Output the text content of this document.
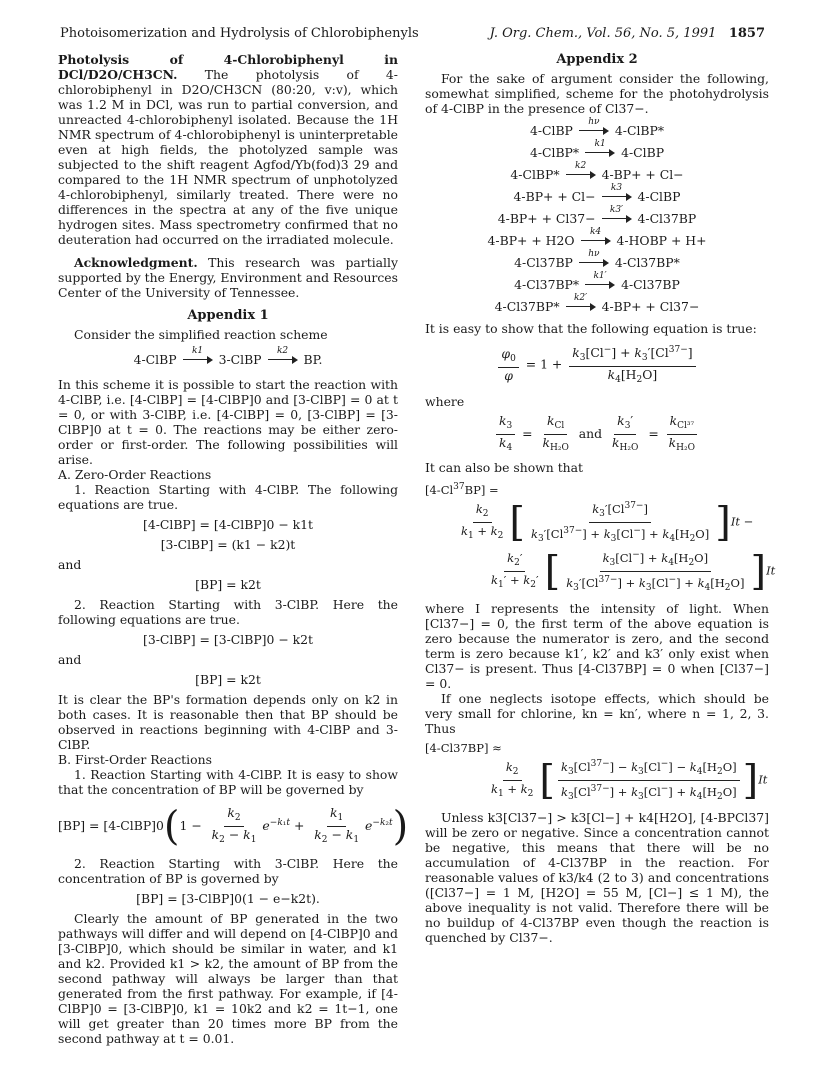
Photoisomerization and Hydrolysis of Chlorobiphenyls	J. Org. Chem., Vol. 56, No. 5, 1991 1857

Photolysis of 4-Chlorobiphenyl in DCl/D2O/CH3CN. The photolysis of 4-chlorobiphenyl in D2O/CH3CN (80:20, v:v), which was 1.2 M in DCl, was run to partial conversion, and unreacted 4-chlorobiphenyl isolated. Because the 1H NMR spectrum of 4-chlorobiphenyl is uninterpretable even at high fields, the photolyzed sample was subjected to the shift reagent Agfod/Yb(fod)3 29 and compared to the 1H NMR spectrum of unphotolyzed 4-chlorobiphenyl, similarly treated. There were no differences in the spectra at any of the five unique hydrogen sites. Mass spectrometry confirmed that no deuteration had occurred on the irradiated molecule.

Acknowledgment. This research was partially supported by the Energy, Environment and Resources Center of the University of Tennessee.

Appendix 1

Consider the simplified reaction scheme

4-ClBP
k1
3-ClBP
k2
BP.

In this scheme it is possible to start the reaction with 4-ClBP, i.e. [4-ClBP] = [4-ClBP]0 and [3-ClBP] = 0 at t = 0, or with 3-ClBP, i.e. [4-ClBP] = 0, [3-ClBP] = [3-ClBP]0 at t = 0. The reactions may be either zero-order or first-order. The following possibilities will arise.

A. Zero-Order Reactions

1. Reaction Starting with 4-ClBP. The following equations are true.

[4-ClBP] = [4-ClBP]0 − k1t
[3-ClBP] = (k1 − k2)t

and

[BP] = k2t

2. Reaction Starting with 3-ClBP. Here the following equations are true.

[3-ClBP] = [3-ClBP]0 − k2t

and

[BP] = k2t

It is clear the BP's formation depends only on k2 in both cases. It is reasonable then that BP should be observed in reactions beginning with 4-ClBP and 3-ClBP.

B. First-Order Reactions

1. Reaction Starting with 4-ClBP. It is easy to show that the concentration of BP will be governed by

[BP] = [4-ClBP]0(1 − $\frac{k_2}{k_2 - k_1} e^{-k_1t} + \frac{k_1}{k_2 - k_1} e^{-k_2t}$)

2. Reaction Starting with 3-ClBP. Here the concentration of BP is governed by

[BP] = [3-ClBP]0(1 − e−k2t).

Clearly the amount of BP generated in the two pathways will differ and will depend on [4-ClBP]0 and [3-ClBP]0, which should be similar in water, and k1 and k2. Provided k1 > k2, the amount of BP from the second pathway will always be larger than that generated from the first pathway. For example, if [4-ClBP]0 = [3-ClBP]0, k1 = 10k2 and k2 = 1t−1, one will get greater than 20 times more BP from the second pathway at t = 0.01.

Appendix 2

For the sake of argument consider the following, somewhat simplified, scheme for the photohydrolysis of 4-ClBP in the presence of Cl37−.

4-ClBP
hν
4-ClBP*
4-ClBP*
k1
4-ClBP
4-ClBP*
k2
4-BP+ + Cl−
4-BP+ + Cl−
k3
4-ClBP
4-BP+ + Cl37−
k3′
4-Cl37BP
4-BP+ + H2O
k4
4-HOBP + H+
4-Cl37BP
hν
4-Cl37BP*
4-Cl37BP*
k1′
4-Cl37BP
4-Cl37BP*
k2′
4-BP+ + Cl37−

It is easy to show that the following equation is true:

$\frac{\varphi_0}{\varphi} = 1 + \frac{k_3[Cl^-] + k_3'[Cl^{37-}]}{k_4[H_2O]}$

where

$\frac{k_3}{k_4} = \frac{k_{Cl}}{k_{H_2O}}$ and $\frac{k_3'}{k_{H_2O}} = \frac{k_{Cl^{37}}}{k_{H_2O}}$

It can also be shown that

$[4-Cl^{37}BP]$ =

$\frac{k_2}{k_1 + k_2}$ [ $\frac{k_3'[Cl^{37-}]}{k_3'[Cl^{37-}] + k_3[Cl^-] + k_4[H_2O]} ]It$ −

$\frac{k_2'}{k_1' + k_2'}$ [ $\frac{k_3[Cl^-] + k_4[H_2O]}{k_3'[Cl^{37-}] + k_3[Cl^-] + k_4[H_2O]} ]It$

where I represents the intensity of light. When [Cl37−] = 0, the first term of the above equation is zero because the numerator is zero, and the second term is zero because k1′, k2′ and k3′ only exist when Cl37− is present. Thus [4-Cl37BP] = 0 when [Cl37−] = 0.

If one neglects isotope effects, which should be very small for chlorine, kn = kn′, where n = 1, 2, 3. Thus

[4-Cl37BP] ≈

$\frac{k_2}{k_1 + k_2}$ [ $\frac{k_3[Cl^{37-}] - k_3[Cl^-] - k_4[H_2O]}{k_3[Cl^{37-}] + k_3[Cl^-] + k_4[H_2O]} ]It$

Unless k3[Cl37−] > k3[Cl−] + k4[H2O], [4-BPCl37] will be zero or negative. Since a concentration cannot be negative, this means that there will be no accumulation of 4-Cl37BP in the reaction. For reasonable values of k3/k4 (2 to 3) and concentrations ([Cl37−] = 1 M, [H2O] = 55 M, [Cl−] ≤ 1 M), the above inequality is not valid. Therefore there will be no buildup of 4-Cl37BP even though the reaction is quenched by Cl37−.
